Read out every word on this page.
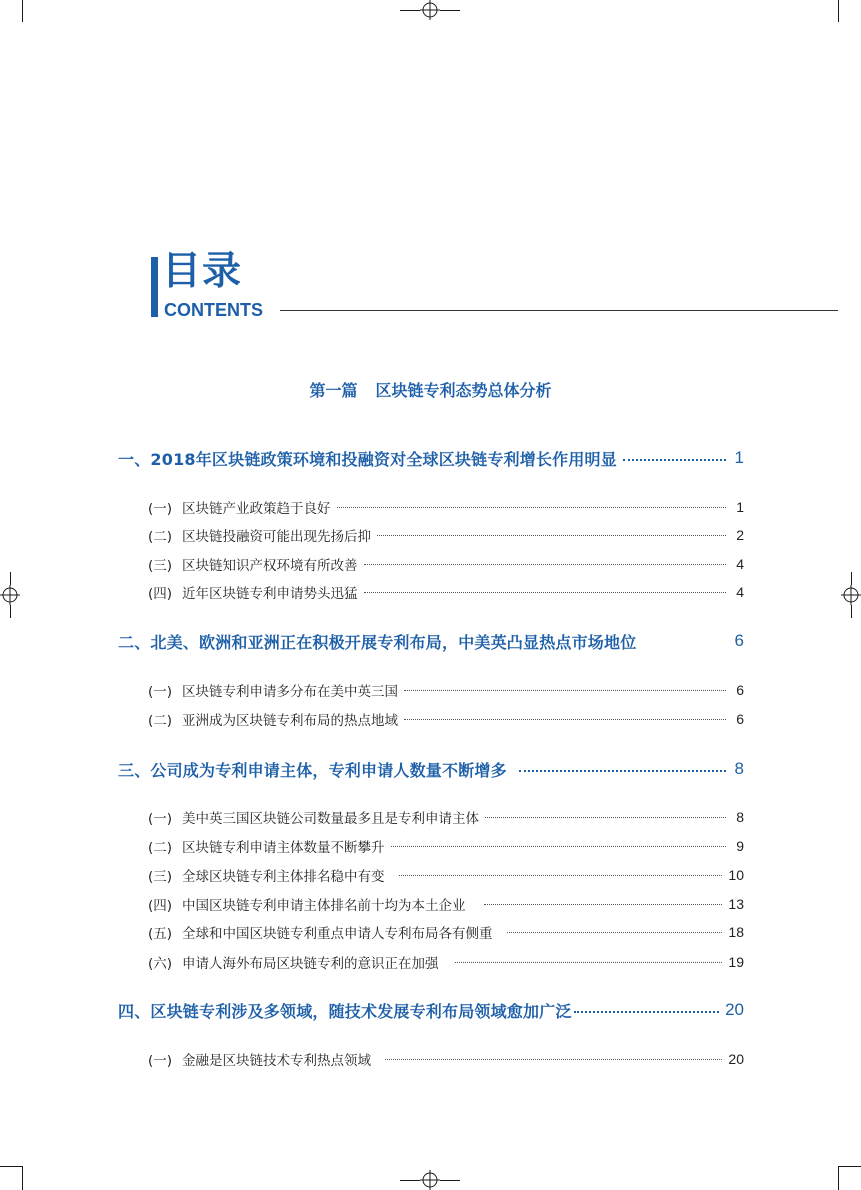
目录
CONTENTS
第一篇 区块链专利态势总体分析
一、2018年区块链政策环境和投融资对全球区块链专利增长作用明显	1
(一) 区块链产业政策趋于良好	1
(二) 区块链投融资可能出现先扬后抑	2
(三) 区块链知识产权环境有所改善	4
(四) 近年区块链专利申请势头迅猛	4
二、北美、欧洲和亚洲正在积极开展专利布局，中美英凸显热点市场地位	6
(一) 区块链专利申请多分布在美中英三国	6
(二) 亚洲成为区块链专利布局的热点地域	6
三、公司成为专利申请主体，专利申请人数量不断增多	8
(一) 美中英三国区块链公司数量最多且是专利申请主体	8
(二) 区块链专利申请主体数量不断攀升	9
(三) 全球区块链专利主体排名稳中有变	10
(四) 中国区块链专利申请主体排名前十均为本土企业	13
(五) 全球和中国区块链专利重点申请人专利布局各有侧重	18
(六) 申请人海外布局区块链专利的意识正在加强	19
四、区块链专利涉及多领域，随技术发展专利布局领域愈加广泛	20
(一) 金融是区块链技术专利热点领域	20
